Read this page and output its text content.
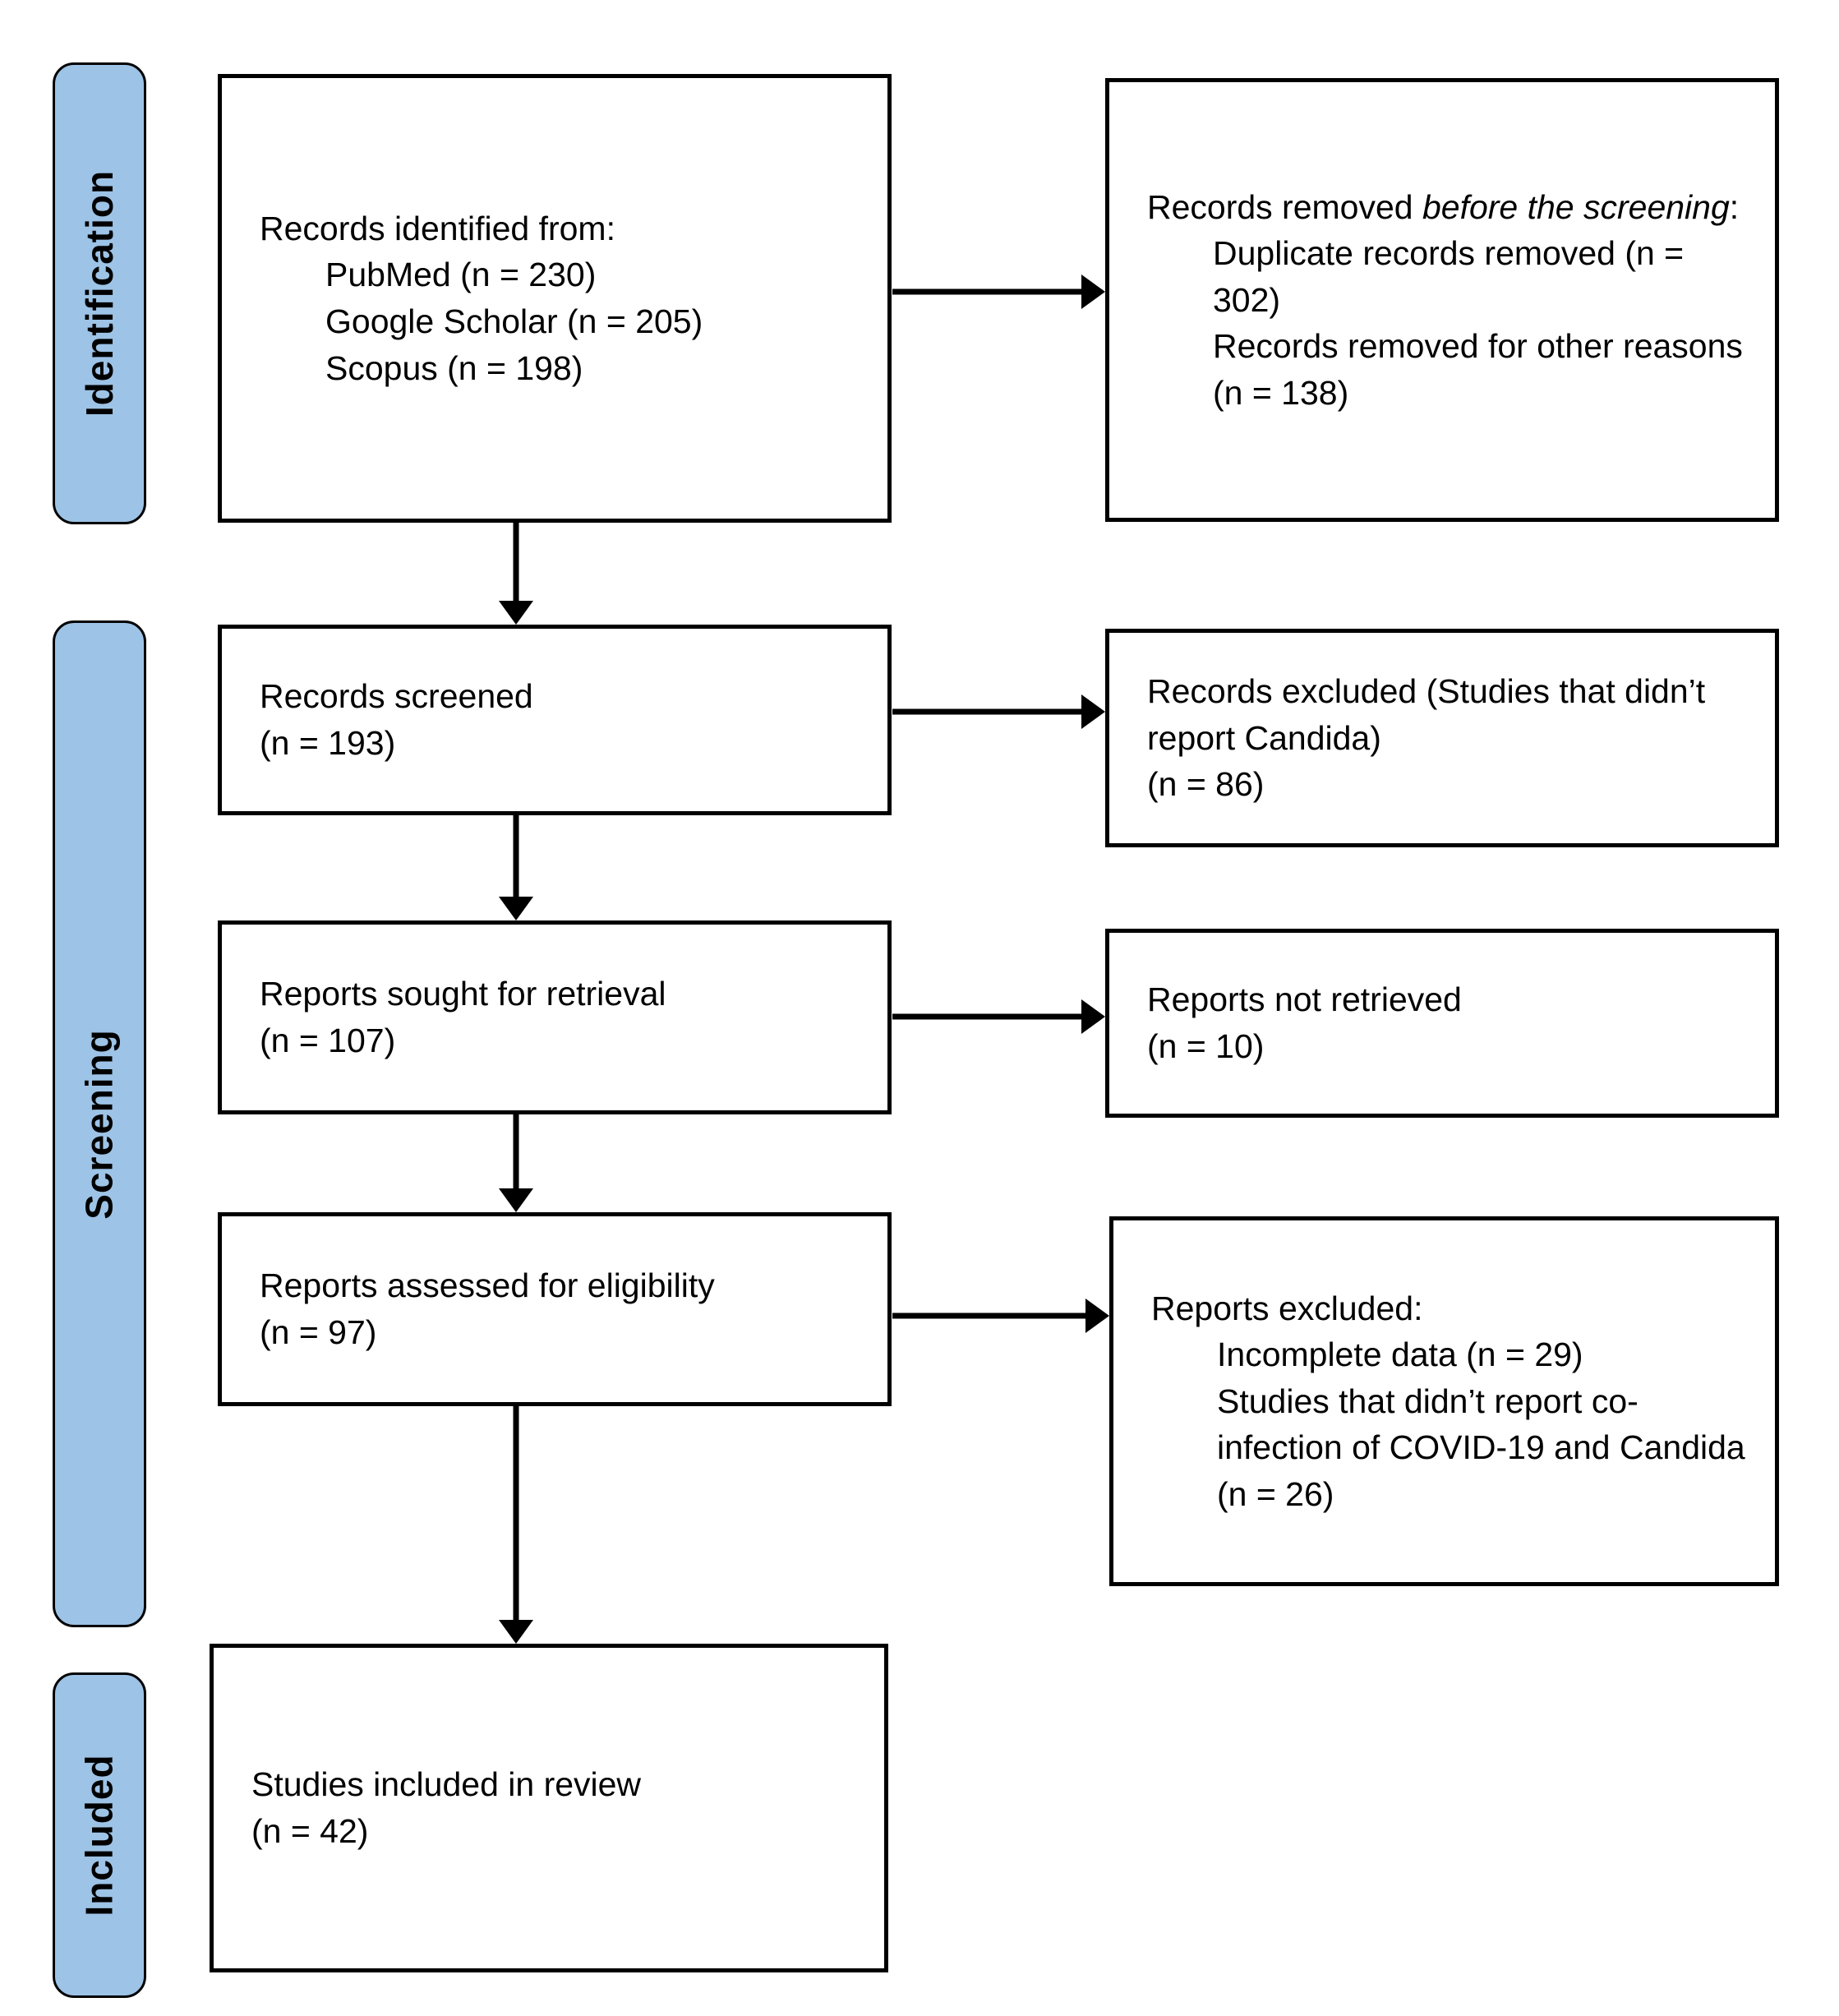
Identification
Screening
Included
Records identified from:
PubMed (n = 230)
Google Scholar (n = 205)
Scopus (n = 198)
Records screened
(n = 193)
Reports sought for retrieval
(n = 107)
Reports assessed for eligibility
(n = 97)
Studies included in review
(n = 42)
Records removed before the screening:
Duplicate records removed (n = 302)
Records removed for other reasons (n = 138)
Records excluded (Studies that didn’t report Candida)
(n = 86)
Reports not retrieved
(n = 10)
Reports excluded:
Incomplete data (n = 29)
Studies that didn’t report co-infection of COVID-19 and Candida (n = 26)
